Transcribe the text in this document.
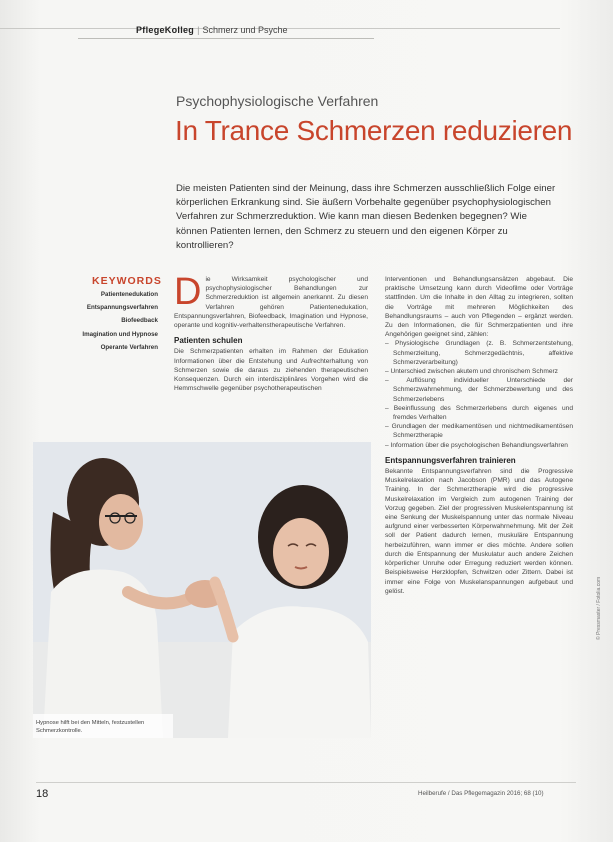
PflegeKolleg | Schmerz und Psyche
Psychophysiologische Verfahren
In Trance Schmerzen reduzieren
Die meisten Patienten sind der Meinung, dass ihre Schmerzen ausschließlich Folge einer körperlichen Erkrankung sind. Sie äußern Vorbehalte gegenüber psychophysiologischen Verfahren zur Schmerzreduktion. Wie kann man diesen Bedenken begegnen? Wie können Patienten lernen, den Schmerz zu steuern und den eigenen Körper zu kontrollieren?
KEYWORDS
Patientenedukation
Entspannungsverfahren
Biofeedback
Imagination und Hypnose
Operante Verfahren
Die Wirksamkeit psychologischer und psychophysiologischer Behandlungen zur Schmerzreduktion ist allgemein anerkannt. Zu diesen Verfahren gehören Patientenedukation, Entspannungsverfahren, Biofeedback, Imagination und Hypnose, operante und kognitiv-verhaltenstherapeutische Verfahren.
Patienten schulen
Die Schmerzpatienten erhalten im Rahmen der Edukation Informationen über die Entstehung und Aufrechterhaltung von Schmerzen sowie die daraus zu ziehenden therapeutischen Konsequenzen. Durch ein interdisziplinäres Vorgehen wird die Hemmschwelle gegenüber psychotherapeutischen
Interventionen und Behandlungsansätzen abgebaut. Die praktische Umsetzung kann durch Videofilme oder Vorträge stattfinden. Um die Inhalte in den Alltag zu integrieren, sollten die Vorträge mit mehreren Möglichkeiten des Behandlungsraums – auch von Pflegenden – ergänzt werden. Zu den Informationen, die für Schmerzpatienten und ihre Angehörigen geeignet sind, zählen:
– Physiologische Grundlagen (z. B. Schmerzentstehung, Schmerzleitung, Schmerzgedächtnis, affektive Schmerzverarbeitung)
– Unterschied zwischen akutem und chronischem Schmerz
– Auflösung individueller Unterschiede der Schmerzwahrnehmung, der Schmerzbewertung und des Schmerzerlebens
– Beeinflussung des Schmerzerlebens durch eigenes und fremdes Verhalten
– Grundlagen der medikamentösen und nichtmedikamentösen Schmerztherapie
– Information über die psychologischen Behandlungsverfahren
Entspannungsverfahren trainieren
Bekannte Entspannungsverfahren sind die Progressive Muskelrelaxation nach Jacobson (PMR) und das Autogene Training. In der Schmerztherapie wird die progressive Muskelrelaxation im Vergleich zum autogenen Training der Vorzug gegeben. Ziel der progressiven Muskelentspannung ist eine Senkung der Muskelspannung unter das normale Niveau aufgrund einer verbesserten Körperwahrnehmung. Mit der Zeit soll der Patient dadurch lernen, muskuläre Entspannung herbeizuführen, wann immer er dies möchte. Andere sollen durch die Entspannung der Muskulatur auch andere Zeichen körperlicher Unruhe oder Erregung reduziert werden können. Beispielsweise Herzklopfen, Schwitzen oder Zittern. Dabei ist immer eine Folge von Muskelanspannungen aufgebaut und gelöst.
Hypnose hilft bei den Mitteln, festzustellen Schmerzkontrolle.
18	Heilberufe / Das Pflegemagazin 2016; 68 (10)
© Pressmaster / Fotolia.com
